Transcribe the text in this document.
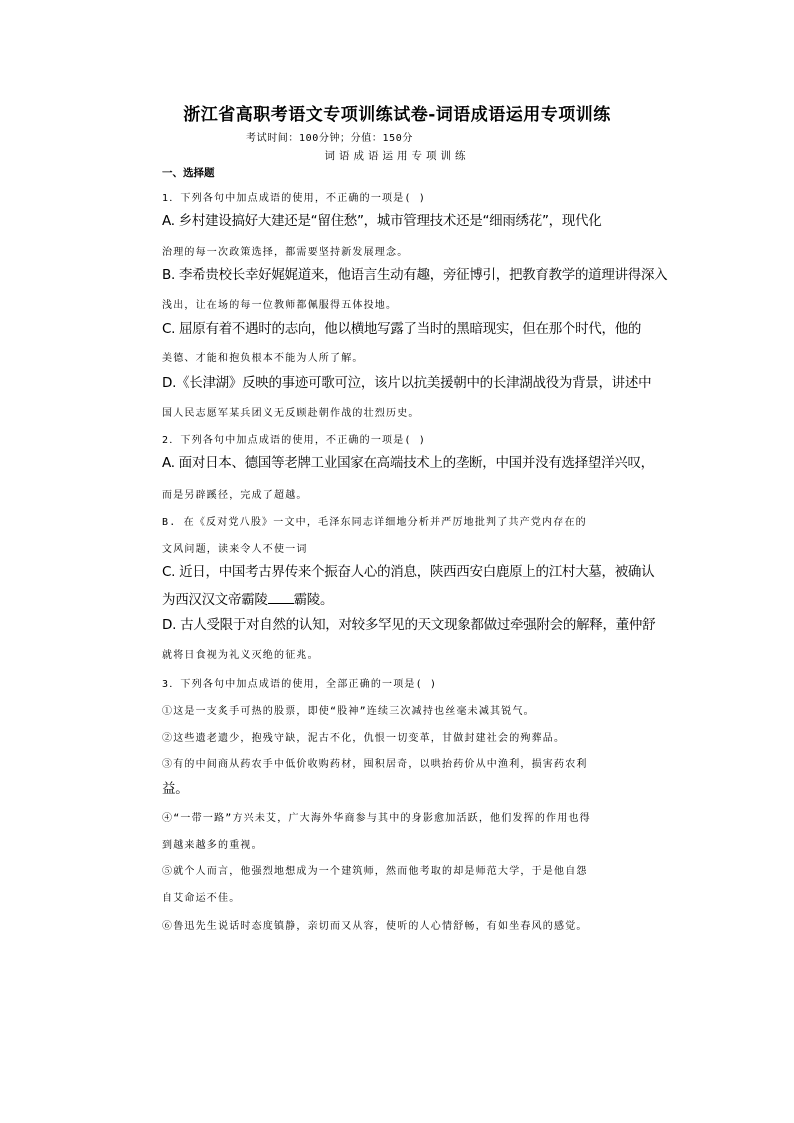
浙江省高职考语文专项训练试卷-词语成语运用专项训练
考试时间：100分钟；分值：150分
词语成语运用专项训练
一、选择题
1．下列各句中加点成语的使用，不正确的一项是( )
A. 乡村建设搞好大建还是“留住愁”，城市管理技术还是“细雨绣花”，现代化
治理的每一次政策选择，都需要坚持新发展理念。
B. 李希贵校长幸好娓娓道来，他语言生动有趣，旁征博引，把教育教学的道理讲得深入
浅出，让在场的每一位教师都佩服得五体投地。
C. 屈原有着不遇时的志向，他以横地写露了当时的黑暗现实，但在那个时代，他的
美德、才能和抱负根本不能为人所了解。
D.《长津湖》反映的事迹可歌可泣，该片以抗美援朝中的长津湖战役为背景，讲述中
国人民志愿军某兵团义无反顾赴朝作战的壮烈历史。
2．下列各句中加点成语的使用，不正确的一项是( )
A. 面对日本、德国等老牌工业国家在高端技术上的垄断，中国并没有选择望洋兴叹，
而是另辟蹊径，完成了超越。
B. 在《反对党八股》一文中，毛泽东同志详细地分析并严厉地批判了共产党内存在的
文风问题，读来令人不使一词
C. 近日，中国考古界传来个振奋人心的消息，陕西西安白鹿原上的江村大墓，被确认
为西汉汉文帝霸陵 霸陵。
D. 古人受限于对自然的认知，对较多罕见的天文现象都做过牵强附会的解释，董仲舒
就将日食视为礼义灭绝的征兆。
3．下列各句中加点成语的使用，全部正确的一项是( )
①这是一支炙手可热的股票，即使“股神”连续三次减持也丝毫未减其锐气。
②这些遗老遗少，抱残守缺，泥古不化，仇恨一切变革，甘做封建社会的殉葬品。
③有的中间商从药农手中低价收购药材，囤积居奇，以哄抬药价从中渔利，损害药农利
益。
④“一带一路”方兴未艾，广大海外华商参与其中的身影愈加活跃，他们发挥的作用也得
到越来越多的重视。
⑤就个人而言，他强烈地想成为一个建筑师，然而他考取的却是师范大学，于是他自怨
自艾命运不佳。
⑥鲁迅先生说话时态度镇静，亲切而又从容，使听的人心情舒畅，有如坐春风的感觉。
